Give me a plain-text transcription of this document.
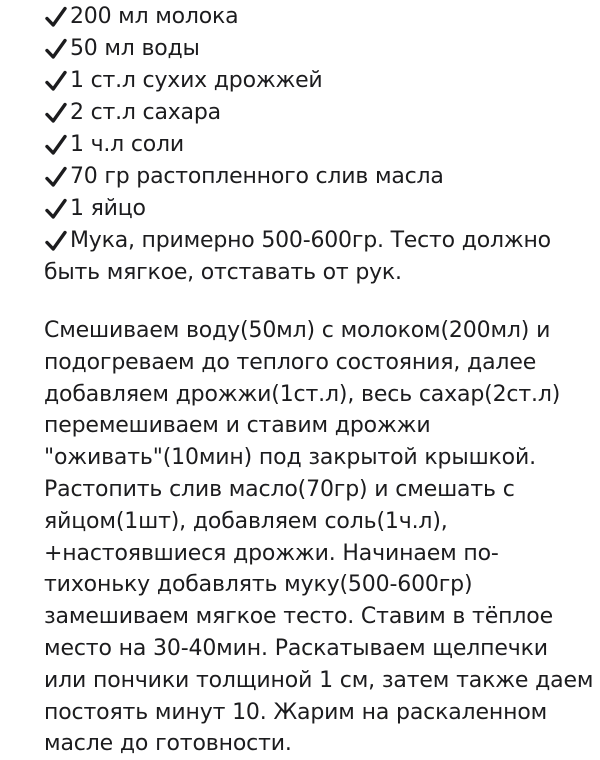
200 мл молока
50 мл воды
1 ст.л сухих дрожжей
2 ст.л сахара
1 ч.л соли
70 гр растопленного слив масла
1 яйцо
Мука, примерно 500-600гр. Тесто должно
быть мягкое, отставать от рук.
Смешиваем воду(50мл) с молоком(200мл) и
подогреваем до теплого состояния, далее
добавляем дрожжи(1ст.л), весь сахар(2ст.л)
перемешиваем и ставим дрожжи
"оживать"(10мин) под закрытой крышкой.
Растопить слив масло(70гр) и смешать с
яйцом(1шт), добавляем соль(1ч.л),
+настоявшиеся дрожжи. Начинаем по-
тихоньку добавлять муку(500-600гр)
замешиваем мягкое тесто. Ставим в тёплое
место на 30-40мин. Раскатываем щелпечки
или пончики толщиной 1 см, затем также даем
постоять минут 10. Жарим на раскаленном
масле до готовности.
